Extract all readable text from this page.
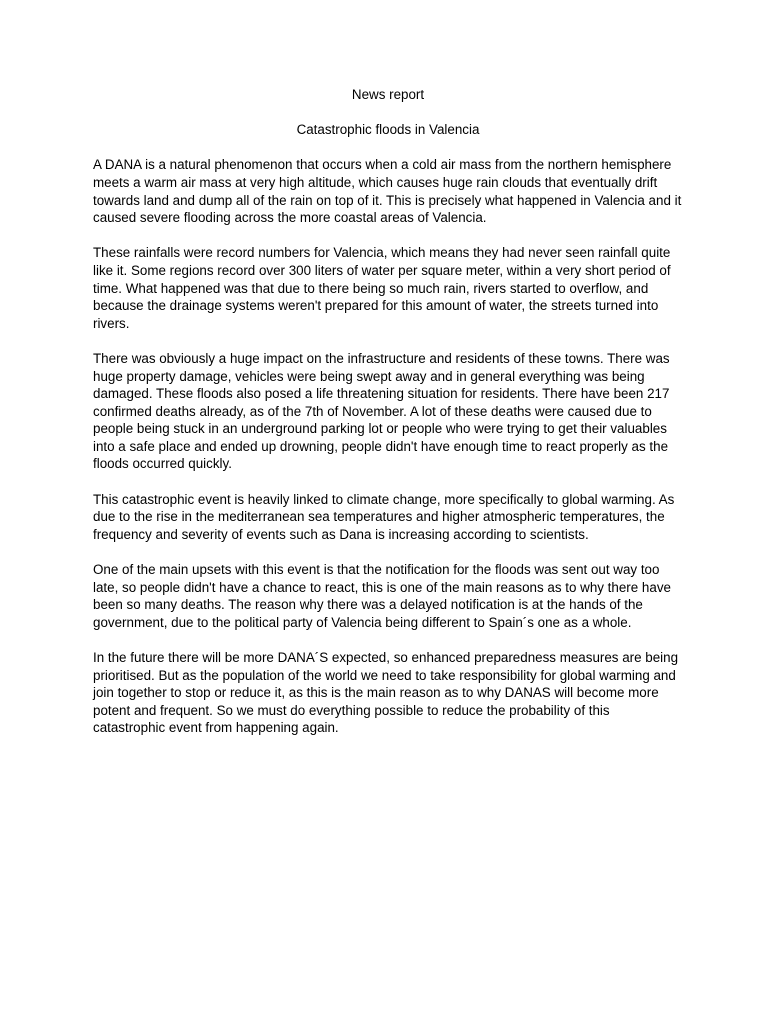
News report

Catastrophic floods in Valencia

A DANA is a natural phenomenon that occurs when a cold air mass from the northern hemisphere meets a warm air mass at very high altitude, which causes huge rain clouds that eventually drift towards land and dump all of the rain on top of it. This is precisely what happened in Valencia and it caused severe flooding across the more coastal areas of Valencia.

These rainfalls were record numbers for Valencia, which means they had never seen rainfall quite like it. Some regions record over 300 liters of water per square meter, within a very short period of time. What happened was that due to there being so much rain, rivers started to overflow, and because the drainage systems weren't prepared for this amount of water, the streets turned into rivers.

There was obviously a huge impact on the infrastructure and residents of these towns. There was huge property damage, vehicles were being swept away and in general everything was being damaged. These floods also posed a life threatening situation for residents. There have been 217 confirmed deaths already, as of the 7th of November. A lot of these deaths were caused due to people being stuck in an underground parking lot or people who were trying to get their valuables into a safe place and ended up drowning, people didn't have enough time to react properly as the floods occurred quickly.

This catastrophic event is heavily linked to climate change, more specifically to global warming. As due to the rise in the mediterranean sea temperatures and higher atmospheric temperatures, the frequency and severity of events such as Dana is increasing according to scientists.

One of the main upsets with this event is that the notification for the floods was sent out way too late, so people didn't have a chance to react, this is one of the main reasons as to why there have been so many deaths. The reason why there was a delayed notification is at the hands of the government, due to the political party of Valencia being different to Spain´s one as a whole.

In the future there will be more DANA´S expected, so enhanced preparedness measures are being prioritised. But as the population of the world we need to take responsibility for global warming and join together to stop or reduce it, as this is the main reason as to why DANAS will become more potent and frequent. So we must do everything possible to reduce the probability of this catastrophic event from happening again.
